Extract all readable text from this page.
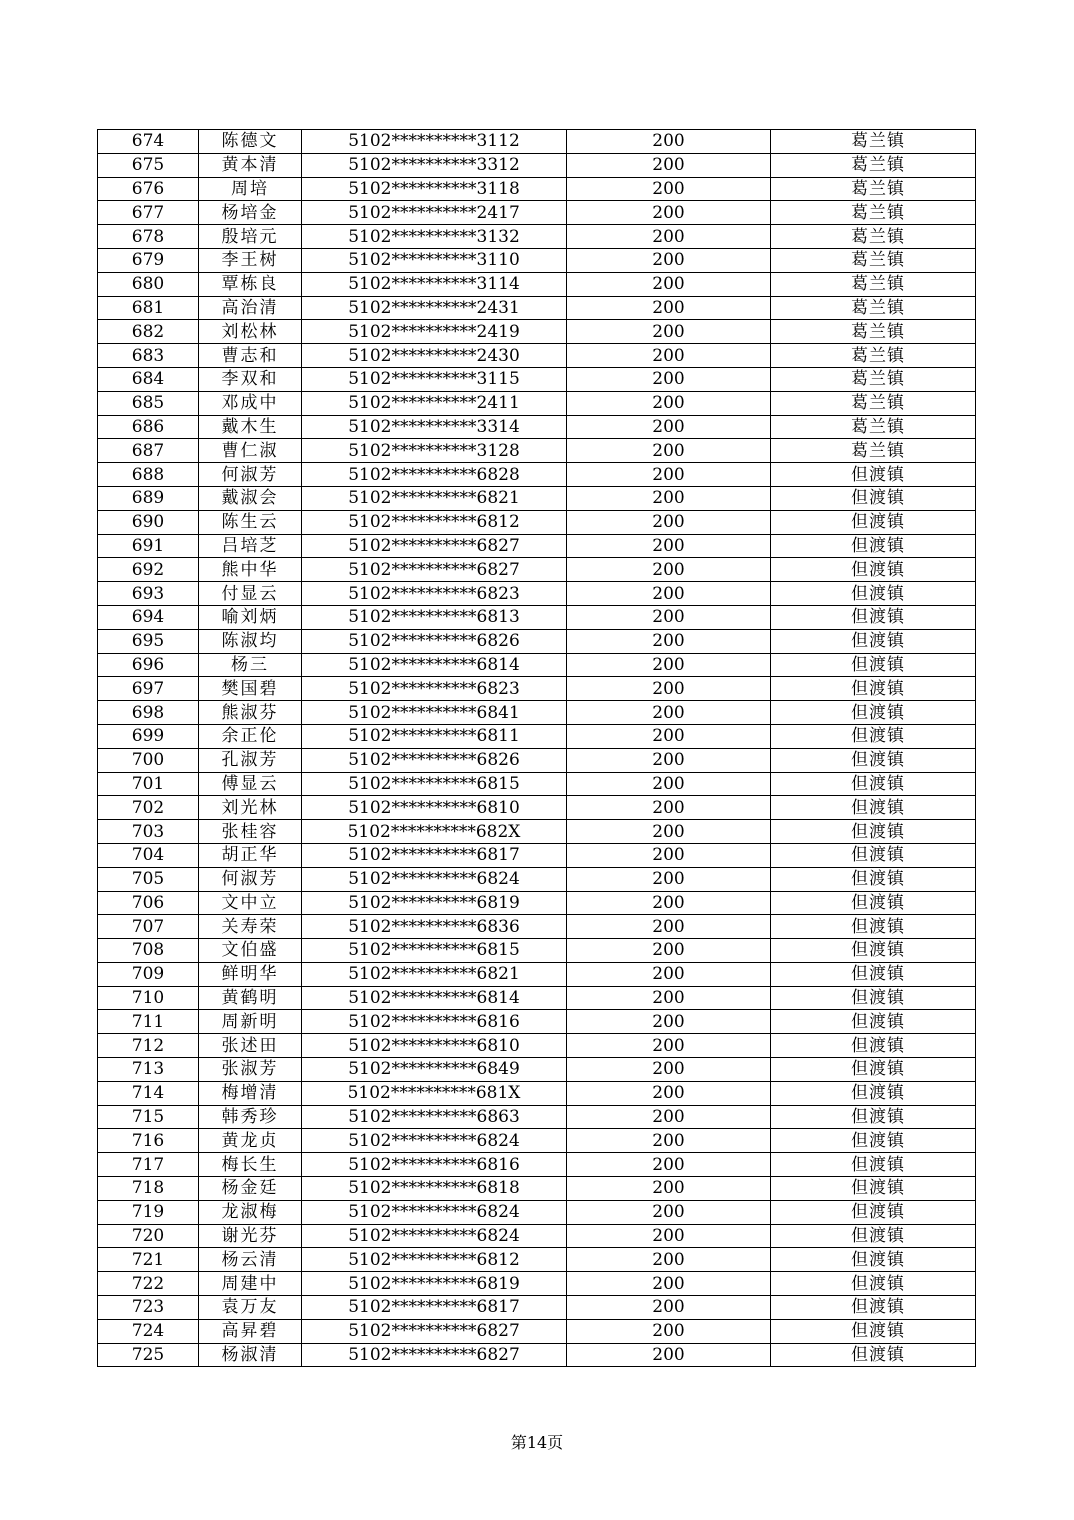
674	陈德文	5102**********3112	200	葛兰镇
675	黄本清	5102**********3312	200	葛兰镇
676	周培	5102**********3118	200	葛兰镇
677	杨培金	5102**********2417	200	葛兰镇
678	殷培元	5102**********3132	200	葛兰镇
679	李王树	5102**********3110	200	葛兰镇
680	覃栋良	5102**********3114	200	葛兰镇
681	高治清	5102**********2431	200	葛兰镇
682	刘松林	5102**********2419	200	葛兰镇
683	曹志和	5102**********2430	200	葛兰镇
684	李双和	5102**********3115	200	葛兰镇
685	邓成中	5102**********2411	200	葛兰镇
686	戴木生	5102**********3314	200	葛兰镇
687	曹仁淑	5102**********3128	200	葛兰镇
688	何淑芳	5102**********6828	200	但渡镇
689	戴淑会	5102**********6821	200	但渡镇
690	陈生云	5102**********6812	200	但渡镇
691	吕培芝	5102**********6827	200	但渡镇
692	熊中华	5102**********6827	200	但渡镇
693	付显云	5102**********6823	200	但渡镇
694	喻刘炳	5102**********6813	200	但渡镇
695	陈淑均	5102**********6826	200	但渡镇
696	杨三	5102**********6814	200	但渡镇
697	樊国碧	5102**********6823	200	但渡镇
698	熊淑芬	5102**********6841	200	但渡镇
699	余正伦	5102**********6811	200	但渡镇
700	孔淑芳	5102**********6826	200	但渡镇
701	傅显云	5102**********6815	200	但渡镇
702	刘光林	5102**********6810	200	但渡镇
703	张桂容	5102**********682X	200	但渡镇
704	胡正华	5102**********6817	200	但渡镇
705	何淑芳	5102**********6824	200	但渡镇
706	文中立	5102**********6819	200	但渡镇
707	关寿荣	5102**********6836	200	但渡镇
708	文伯盛	5102**********6815	200	但渡镇
709	鲜明华	5102**********6821	200	但渡镇
710	黄鹤明	5102**********6814	200	但渡镇
711	周新明	5102**********6816	200	但渡镇
712	张述田	5102**********6810	200	但渡镇
713	张淑芳	5102**********6849	200	但渡镇
714	梅增清	5102**********681X	200	但渡镇
715	韩秀珍	5102**********6863	200	但渡镇
716	黄龙贞	5102**********6824	200	但渡镇
717	梅长生	5102**********6816	200	但渡镇
718	杨金廷	5102**********6818	200	但渡镇
719	龙淑梅	5102**********6824	200	但渡镇
720	谢光芬	5102**********6824	200	但渡镇
721	杨云清	5102**********6812	200	但渡镇
722	周建中	5102**********6819	200	但渡镇
723	袁万友	5102**********6817	200	但渡镇
724	高昇碧	5102**********6827	200	但渡镇
725	杨淑清	5102**********6827	200	但渡镇
第14页
